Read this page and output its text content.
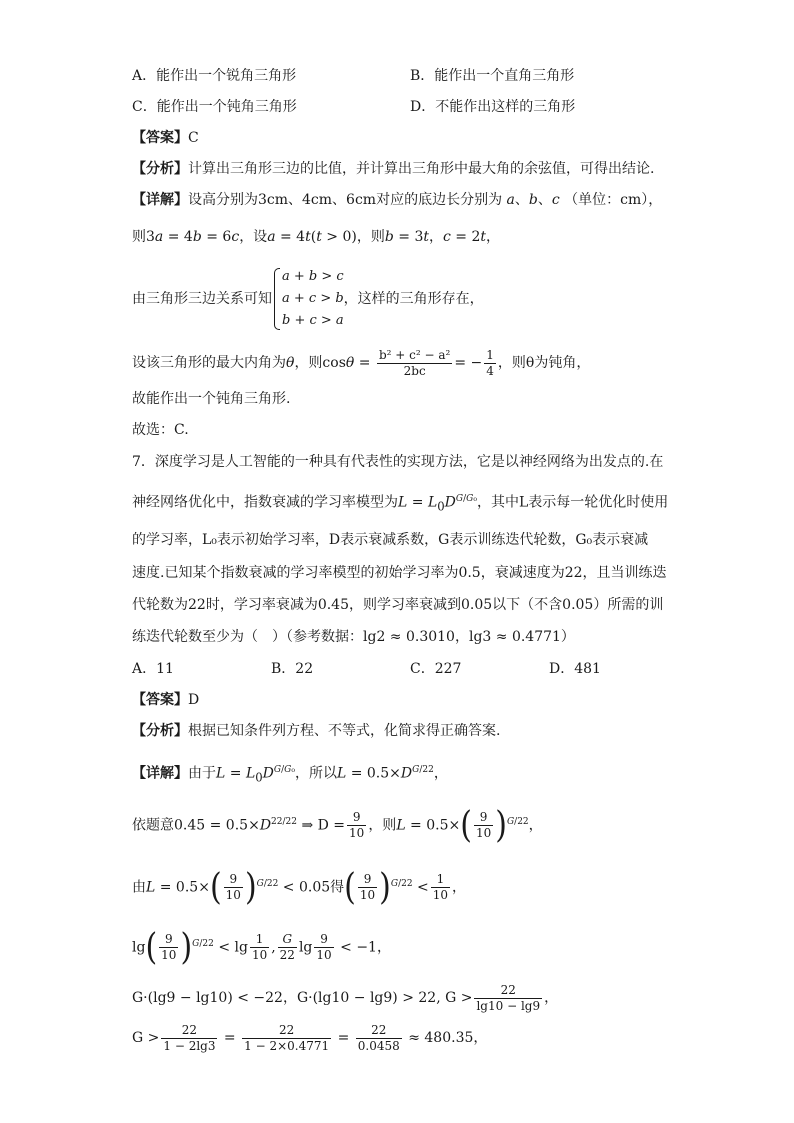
A．能作出一个锐角三角形	B．能作出一个直角三角形
C．能作出一个钝角三角形	D．不能作出这样的三角形
【答案】C
【分析】计算出三角形三边的比值，并计算出三角形中最大角的余弦值，可得出结论.
【详解】设高分别为3cm、4cm、6cm对应的底边长分别为 a、b、c （单位：cm），
则3a = 4b = 6c，设a = 4t(t > 0)，则b = 3t，c = 2t，
由三角形三边关系可知
a + b > c
a + c > b
b + c > a
，这样的三角形存在，
设该三角形的最大内角为θ，则$\cos\theta = \frac{\text{b² + c² − a²}}{2bc}$ = − $\frac{1}{4}$ ，则θ为钝角，
故能作出一个钝角三角形.
故选：C.
7．深度学习是人工智能的一种具有代表性的实现方法，它是以神经网络为出发点的.在
神经网络优化中，指数衰减的学习率模型为$L = L_0D^{G/G_0}$，其中L表示每一轮优化时使用
的学习率，L₀表示初始学习率，D表示衰减系数，G表示训练迭代轮数，G₀表示衰减
速度.已知某个指数衰减的学习率模型的初始学习率为0.5，衰减速度为22，且当训练迭
代轮数为22时，学习率衰减为0.45，则学习率衰减到0.05以下（不含0.05）所需的训
练迭代轮数至少为（　）（参考数据：lg2 ≈ 0.3010，lg3 ≈ 0.4771）
A．11	B．22	C．227	D．481
【答案】D
【分析】根据已知条件列方程、不等式，化简求得正确答案.
【详解】由于$L = L_0D^{G/G_0}$，所以$L = 0.5\times D^{G/22}$，
依题意$0.45 = 0.5\times D^{22/22}$ ⇒ $D = \frac{9}{10}$ ，则$L = 0.5\times( \frac{9}{10} )^{G/22}$，
由$L = 0.5\times( \frac{9}{10} )^{G/22} < 0.05$得( $\frac{9}{10} )^{G/22} < \frac{1}{10}$ ，
$\lg( \frac{9}{10} )^{G/22} < \lg \frac{1}{10}$ , $\frac{G}{22}$ $\lg \frac{9}{10} < -1$，
G·(lg9 − lg10) < −22，G·(lg10 − lg9) > 22, $G > \frac{22}{\lg 10 - \lg 9}$ ，
$G > \frac{22}{1 - 2\lg 3} = \frac{22}{1 - 2\times 0.4771} = \frac{22}{0.0458} \approx 480.35$，
